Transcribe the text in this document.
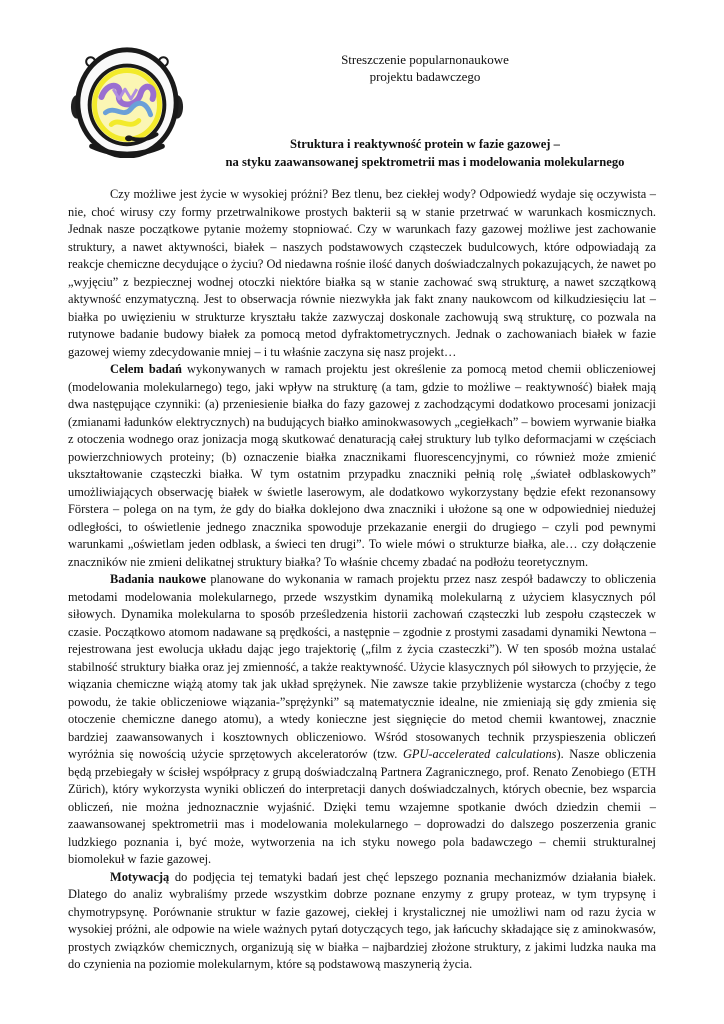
Streszczenie popularnonaukowe
projektu badawczego
Struktura i reaktywność protein w fazie gazowej –
na styku zaawansowanej spektrometrii mas i modelowania molekularnego

Czy możliwe jest życie w wysokiej próżni? Bez tlenu, bez ciekłej wody? Odpowiedź wydaje się oczywista – nie, choć wirusy czy formy przetrwalnikowe prostych bakterii są w stanie przetrwać w warunkach kosmicznych. Jednak nasze początkowe pytanie możemy stopniować. Czy w warunkach fazy gazowej możliwe jest zachowanie struktury, a nawet aktywności, białek – naszych podstawowych cząsteczek budulcowych, które odpowiadają za reakcje chemiczne decydujące o życiu? Od niedawna rośnie ilość danych doświadczalnych pokazujących, że nawet po „wyjęciu” z bezpiecznej wodnej otoczki niektóre białka są w stanie zachować swą strukturę, a nawet szczątkową aktywność enzymatyczną. Jest to obserwacja równie niezwykła jak fakt znany naukowcom od kilkudziesięciu lat – białka po uwięzieniu w strukturze kryształu także zazwyczaj doskonale zachowują swą strukturę, co pozwala na rutynowe badanie budowy białek za pomocą metod dyfraktometrycznych. Jednak o zachowaniach białek w fazie gazowej wiemy zdecydowanie mniej – i tu właśnie zaczyna się nasz projekt…

Celem badań wykonywanych w ramach projektu jest określenie za pomocą metod chemii obliczeniowej (modelowania molekularnego) tego, jaki wpływ na strukturę (a tam, gdzie to możliwe – reaktywność) białek mają dwa następujące czynniki: (a) przeniesienie białka do fazy gazowej z zachodzącymi dodatkowo procesami jonizacji (zmianami ładunków elektrycznych) na budujących białko aminokwasowych „cegiełkach” – bowiem wyrwanie białka z otoczenia wodnego oraz jonizacja mogą skutkować denaturacją całej struktury lub tylko deformacjami w częściach powierzchniowych proteiny; (b) oznaczenie białka znacznikami fluorescencyjnymi, co również może zmienić ukształtowanie cząsteczki białka. W tym ostatnim przypadku znaczniki pełnią rolę „świateł odblaskowych” umożliwiających obserwację białek w świetle laserowym, ale dodatkowo wykorzystany będzie efekt rezonansowy Förstera – polega on na tym, że gdy do białka doklejono dwa znaczniki i ułożone są one w odpowiedniej niedużej odległości, to oświetlenie jednego znacznika spowoduje przekazanie energii do drugiego – czyli pod pewnymi warunkami „oświetlam jeden odblask, a świeci ten drugi”. To wiele mówi o strukturze białka, ale… czy dołączenie znaczników nie zmieni delikatnej struktury białka? To właśnie chcemy zbadać na podłożu teoretycznym.

Badania naukowe planowane do wykonania w ramach projektu przez nasz zespół badawczy to obliczenia metodami modelowania molekularnego, przede wszystkim dynamiką molekularną z użyciem klasycznych pól siłowych. Dynamika molekularna to sposób prześledzenia historii zachowań cząsteczki lub zespołu cząsteczek w czasie. Początkowo atomom nadawane są prędkości, a następnie – zgodnie z prostymi zasadami dynamiki Newtona – rejestrowana jest ewolucja układu dając jego trajektorię („film z życia czasteczki”). W ten sposób można ustalać stabilność struktury białka oraz jej zmienność, a także reaktywność. Użycie klasycznych pól siłowych to przyjęcie, że wiązania chemiczne wiążą atomy tak jak układ sprężynek. Nie zawsze takie przybliżenie wystarcza (choćby z tego powodu, że takie obliczeniowe wiązania-”sprężynki” są matematycznie idealne, nie zmieniają się gdy zmienia się otoczenie chemiczne danego atomu), a wtedy konieczne jest sięgnięcie do metod chemii kwantowej, znacznie bardziej zaawansowanych i kosztownych obliczeniowo. Wśród stosowanych technik przyspieszenia obliczeń wyróżnia się nowością użycie sprzętowych akceleratorów (tzw. GPU-accelerated calculations). Nasze obliczenia będą przebiegały w ścisłej współpracy z grupą doświadczalną Partnera Zagranicznego, prof. Renato Zenobiego (ETH Zürich), który wykorzysta wyniki obliczeń do interpretacji danych doświadczalnych, których obecnie, bez wsparcia obliczeń, nie można jednoznacznie wyjaśnić. Dzięki temu wzajemne spotkanie dwóch dziedzin chemii – zaawansowanej spektrometrii mas i modelowania molekularnego – doprowadzi do dalszego poszerzenia granic ludzkiego poznania i, być może, wytworzenia na ich styku nowego pola badawczego – chemii strukturalnej biomolekuł w fazie gazowej.

Motywacją do podjęcia tej tematyki badań jest chęć lepszego poznania mechanizmów działania białek. Dlatego do analiz wybraliśmy przede wszystkim dobrze poznane enzymy z grupy proteaz, w tym trypsynę i chymotrypsynę. Porównanie struktur w fazie gazowej, ciekłej i krystalicznej nie umożliwi nam od razu życia w wysokiej próżni, ale odpowie na wiele ważnych pytań dotyczących tego, jak łańcuchy składające się z aminokwasów, prostych związków chemicznych, organizują się w białka – najbardziej złożone struktury, z jakimi ludzka nauka ma do czynienia na poziomie molekularnym, które są podstawową maszynerią życia.
